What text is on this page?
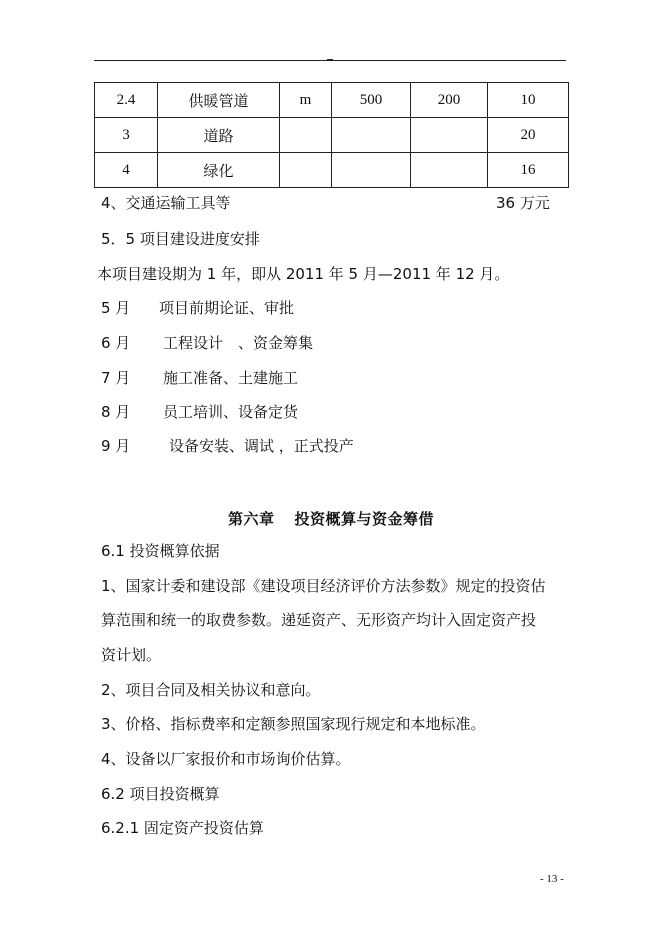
2.4	供暖管道	m	500	200	10
3	道路				20
4	绿化				16
4、交通运输工具等	36 万元
5．5 项目建设进度安排
本项目建设期为 1 年，即从 2011 年 5 月—2011 年 12 月。
5 月 项目前期论证、审批
6 月 工程设计　、资金筹集
7 月 施工准备、土建施工
8 月 员工培训、设备定货
9 月	设备安装、调试 ，正式投产
第六章 投资概算与资金筹借
6.1 投资概算依据
1、国家计委和建设部《建设项目经济评价方法参数》规定的投资估
算范围和统一的取费参数。递延资产、无形资产均计入固定资产投
资计划。
2、项目合同及相关协议和意向。
3、价格、指标费率和定额参照国家现行规定和本地标准。
4、设备以厂家报价和市场询价估算。
6.2 项目投资概算
6.2.1 固定资产投资估算
- 13 -
